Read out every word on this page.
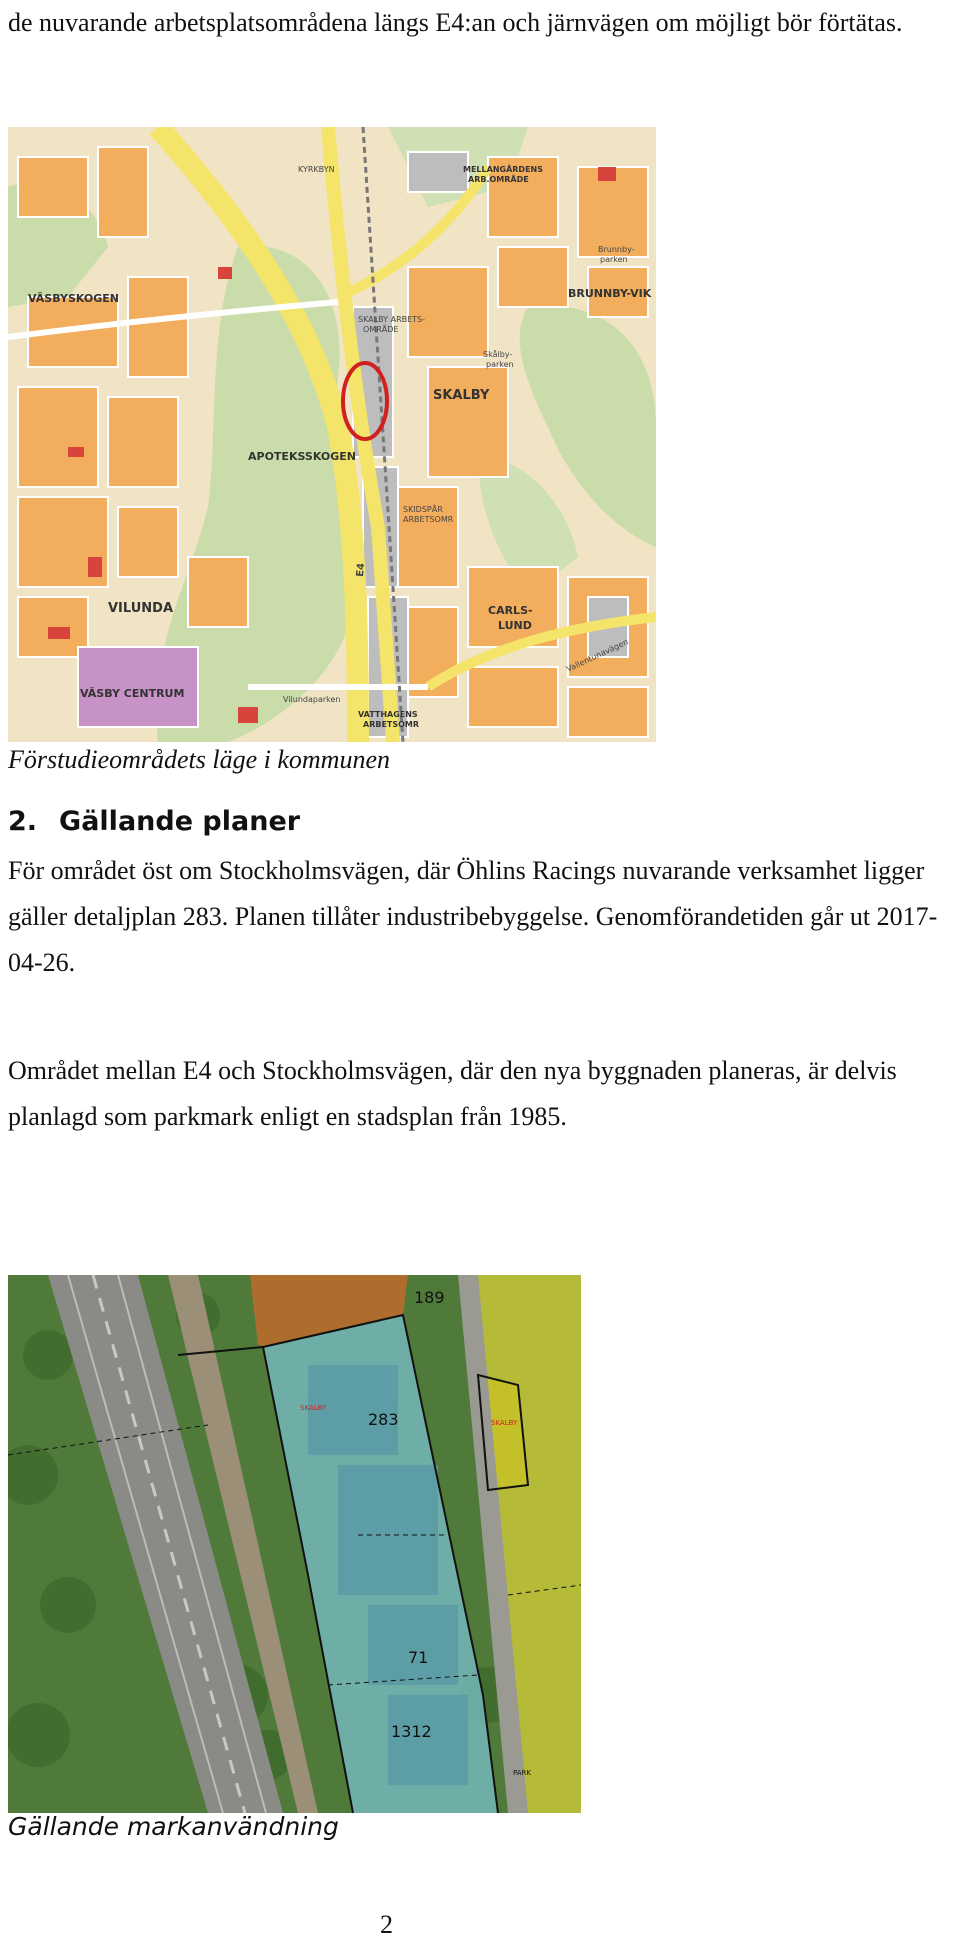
de nuvarande arbetsplatsområdena längs E4:an och järnvägen om möjligt bör förtätas.

VÄSBYSKOGEN
SKALBY
BRUNNBY-VIK
APOTEKSSKOGEN
VILUNDA	CARLS-
LUND
VÄSBY CENTRUM
MELLANGÅRDENS
ARB.OMRÅDE
VATTHAGENS
ARBETSOMR
KYRKBYN
SKALBY ARBETS-
OMRÅDE
Skålby-
parken
SKIDSPÅR
ARBETSOMR
Vilundaparken
Brunnby-
parken
Vallentunavägen
E4

Förstudieområdets läge i kommunen

2. Gällande planer

För området öst om Stockholmsvägen, där Öhlins Racings nuvarande verksamhet ligger gäller detaljplan 283. Planen tillåter industribebyggelse. Genomförandetiden går ut 2017-04-26.

Området mellan E4 och Stockholmsvägen, där den nya byggnaden planeras, är delvis planlagd som parkmark enligt en stadsplan från 1985.

189
283
71
1312
SKALBY
SKALBY
PARK

Gällande markanvändning

2
